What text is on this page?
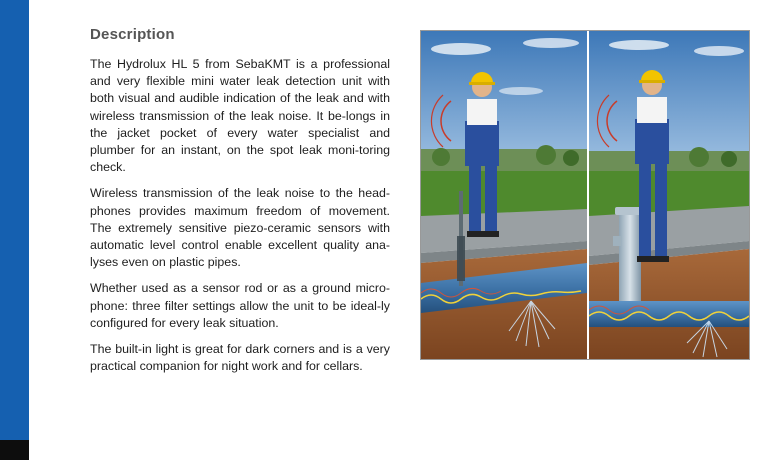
Description

The Hydrolux HL 5 from SebaKMT is a professional and very flexible mini water leak detection unit with both visual and audible indication of the leak and with wireless transmission of the leak noise. It be-longs in the jacket pocket of every water specialist and plumber for an instant, on the spot leak moni-toring check.

Wireless transmission of the leak noise to the head-phones provides maximum freedom of movement. The extremely sensitive piezo-ceramic sensors with automatic level control enable excellent quality ana-lyses even on plastic pipes.

Whether used as a sensor rod or as a ground micro-phone: three filter settings allow the unit to be ideal-ly configured for every leak situation.

The built-in light is great for dark corners and is a very practical companion for night work and for cellars.
